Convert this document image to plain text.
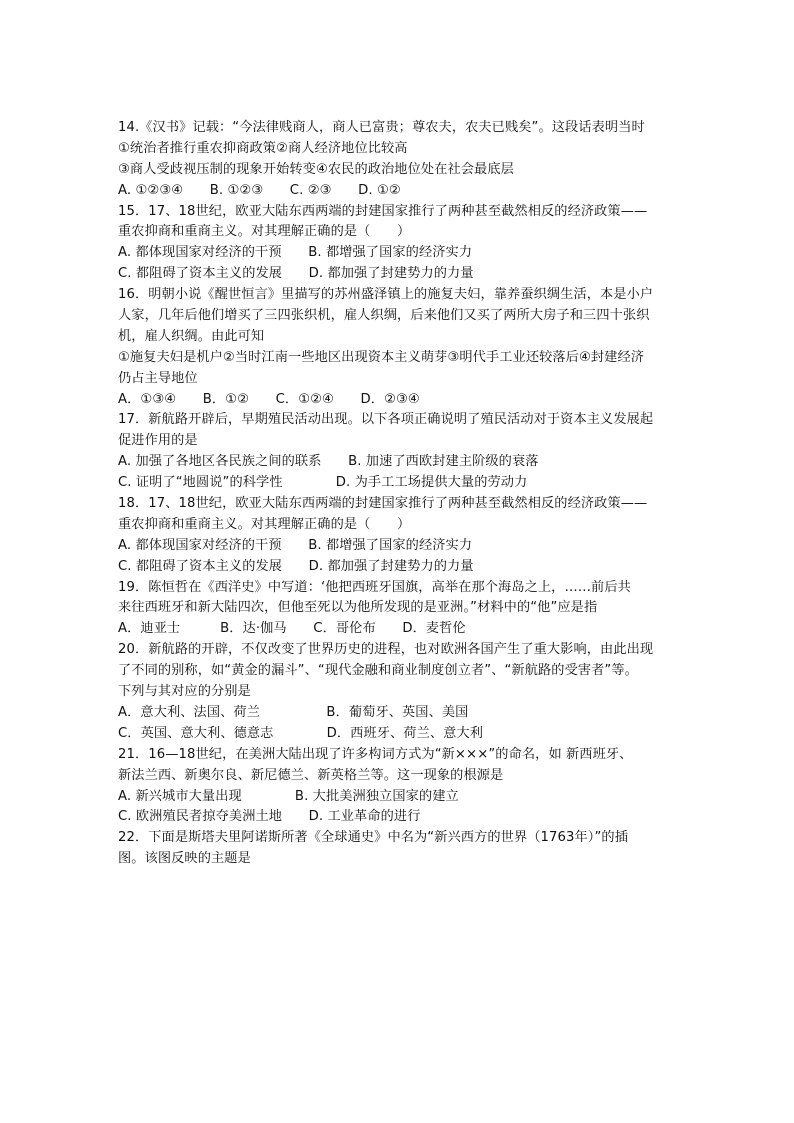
14.《汉书》记载：“今法律贱商人，商人已富贵；尊农夫，农夫已贱矣”。这段话表明当时
①统治者推行重农抑商政策②商人经济地位比较高
③商人受歧视压制的现象开始转变④农民的政治地位处在社会最底层
A. ①②③④　　B. ①②③　　C. ②③　　D. ①②
15．17、18世纪，欧亚大陆东西两端的封建国家推行了两种甚至截然相反的经济政策——
重农抑商和重商主义。对其理解正确的是（　　）
A. 都体现国家对经济的干预　　B. 都增强了国家的经济实力
C. 都阻碍了资本主义的发展　　D. 都加强了封建势力的力量
16．明朝小说《醒世恒言》里描写的苏州盛泽镇上的施复夫妇，靠养蚕织绸生活，本是小户
人家，几年后他们增买了三四张织机，雇人织绸，后来他们又买了两所大房子和三四十张织
机，雇人织绸。由此可知
①施复夫妇是机户②当时江南一些地区出现资本主义萌芽③明代手工业还较落后④封建经济
仍占主导地位
A．①③④　　B．①②　　C．①②④　　D．②③④
17．新航路开辟后，早期殖民活动出现。以下各项正确说明了殖民活动对于资本主义发展起
促进作用的是
A. 加强了各地区各民族之间的联系　　B. 加速了西欧封建主阶级的衰落
C. 证明了“地圆说”的科学性　　　　D. 为手工工场提供大量的劳动力
18．17、18世纪，欧亚大陆东西两端的封建国家推行了两种甚至截然相反的经济政策——
重农抑商和重商主义。对其理解正确的是（　　）
A. 都体现国家对经济的干预　　B. 都增强了国家的经济实力
C. 都阻碍了资本主义的发展　　D. 都加强了封建势力的力量
19．陈恒哲在《西洋史》中写道：‘他把西班牙国旗，高举在那个海岛之上，……前后共
来往西班牙和新大陆四次，但他至死以为他所发现的是亚洲。”材料中的“他”应是指
A．迪亚士　　　B．达·伽马　　C．哥伦布　　D．麦哲伦
20．新航路的开辟，不仅改变了世界历史的进程，也对欧洲各国产生了重大影响，由此出现
了不同的别称，如“黄金的漏斗”、“现代金融和商业制度创立者”、“新航路的受害者”等。
下列与其对应的分别是
A．意大利、法国、荷兰　　　　　B．葡萄牙、英国、美国
C．英国、意大利、德意志　　　　D．西班牙、荷兰、意大利
21．16—18世纪，在美洲大陆出现了许多构词方式为“新×××”的命名，如 新西班牙、
新法兰西、新奥尔良、新尼德兰、新英格兰等。这一现象的根源是
A. 新兴城市大量出现　　　　B. 大批美洲独立国家的建立
C. 欧洲殖民者掠夺美洲土地　　D. 工业革命的进行
22．下面是斯塔夫里阿诺斯所著《全球通史》中名为“新兴西方的世界（1763年）”的插
图。该图反映的主题是
